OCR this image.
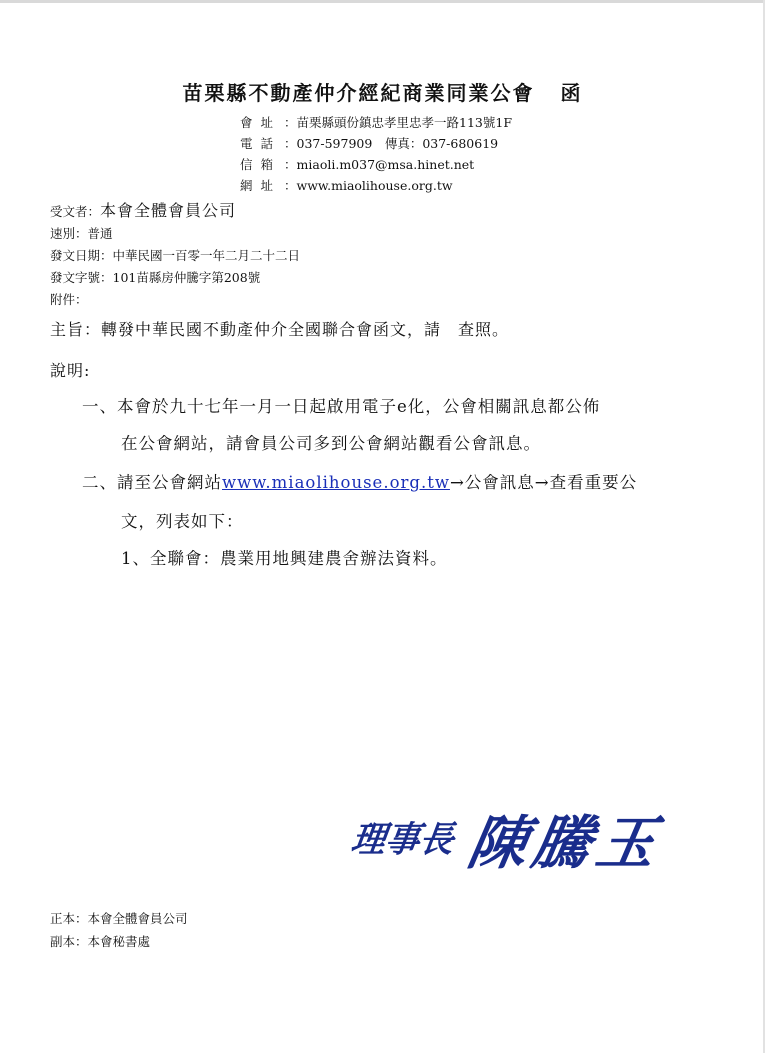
苗栗縣不動產仲介經紀商業同業公會 函
會 址 ：苗栗縣頭份鎮忠孝里忠孝一路113號1F
電 話 ：037-597909　傳真：037-680619
信 箱 ：miaoli.m037@msa.hinet.net
網 址 ：www.miaolihouse.org.tw
受文者：本會全體會員公司
速別：普通
發文日期：中華民國一百零一年二月二十二日
發文字號：101苗縣房仲騰字第208號
附件：
主旨：轉發中華民國不動產仲介全國聯合會函文，請　查照。
說明:
一、本會於九十七年一月一日起啟用電子e化，公會相關訊息都公佈
在公會網站，請會員公司多到公會網站觀看公會訊息。
二、請至公會網站www.miaolihouse.org.tw→公會訊息→查看重要公
文，列表如下：
1、全聯會：農業用地興建農舍辦法資料。
理事長 陳騰玉
正本：本會全體會員公司
副本：本會秘書處
